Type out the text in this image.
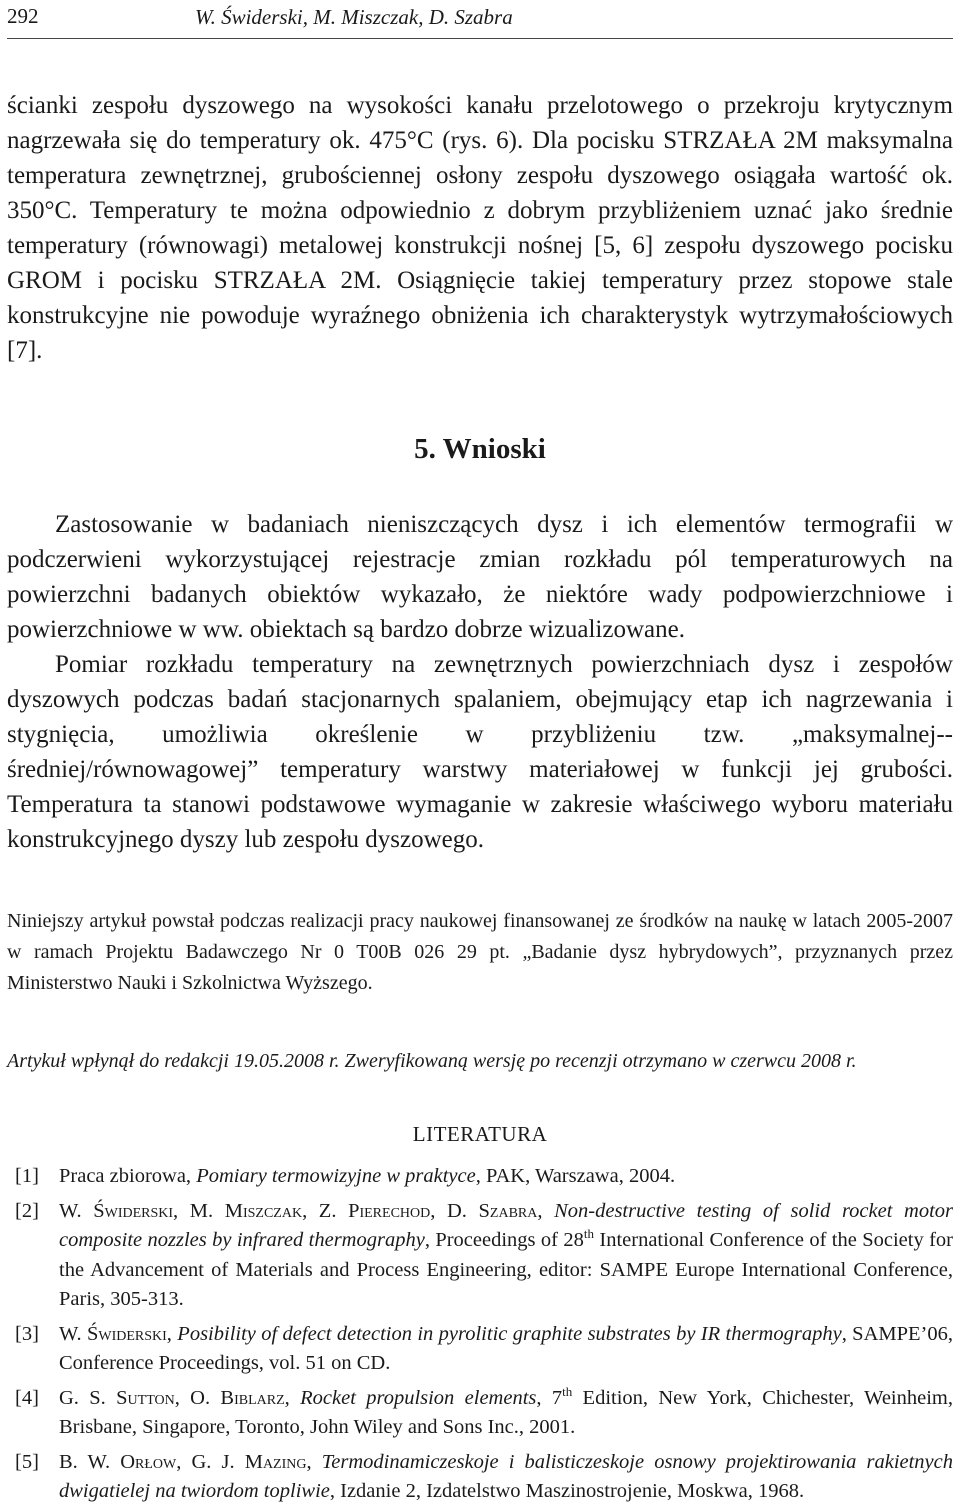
292	W. Świderski, M. Miszczak, D. Szabra

ścianki zespołu dyszowego na wysokości kanału przelotowego o przekroju krytycznym nagrzewała się do temperatury ok. 475°C (rys. 6). Dla pocisku STRZAŁA 2M maksymalna temperatura zewnętrznej, grubościennej osłony zespołu dyszowego osiągała wartość ok. 350°C. Temperatury te można odpowiednio z dobrym przybliżeniem uznać jako średnie temperatury (równowagi) metalowej konstrukcji nośnej [5, 6] zespołu dyszowego pocisku GROM i pocisku STRZAŁA 2M. Osiągnięcie takiej temperatury przez stopowe stale konstrukcyjne nie powoduje wyraźnego obniżenia ich charakterystyk wytrzymałościowych [7].

5. Wnioski

Zastosowanie w badaniach nieniszczących dysz i ich elementów termografii w podczerwieni wykorzystującej rejestracje zmian rozkładu pól temperaturowych na powierzchni badanych obiektów wykazało, że niektóre wady podpowierzchniowe i powierzchniowe w ww. obiektach są bardzo dobrze wizualizowane.

Pomiar rozkładu temperatury na zewnętrznych powierzchniach dysz i zespołów dyszowych podczas badań stacjonarnych spalaniem, obejmujący etap ich nagrzewania i stygnięcia, umożliwia określenie w przybliżeniu tzw. „maksymalnej--średniej/równowagowej” temperatury warstwy materiałowej w funkcji jej grubości. Temperatura ta stanowi podstawowe wymaganie w zakresie właściwego wyboru materiału konstrukcyjnego dyszy lub zespołu dyszowego.

Niniejszy artykuł powstał podczas realizacji pracy naukowej finansowanej ze środków na naukę w latach 2005-2007 w ramach Projektu Badawczego Nr 0 T00B 026 29 pt. „Badanie dysz hybrydowych”, przyznanych przez Ministerstwo Nauki i Szkolnictwa Wyższego.

Artykuł wpłynął do redakcji 19.05.2008 r. Zweryfikowaną wersję po recenzji otrzymano w czerwcu 2008 r.

LITERATURA
[1] Praca zbiorowa, Pomiary termowizyjne w praktyce, PAK, Warszawa, 2004.
[2] W. Świderski, M. Miszczak, Z. Pierechod, D. Szabra, Non-destructive testing of solid rocket motor composite nozzles by infrared thermography, Proceedings of 28th International Conference of the Society for the Advancement of Materials and Process Engineering, editor: SAMPE Europe International Conference, Paris, 305-313.
[3] W. Świderski, Posibility of defect detection in pyrolitic graphite substrates by IR thermography, SAMPE’06, Conference Proceedings, vol. 51 on CD.
[4] G. S. Sutton, O. Biblarz, Rocket propulsion elements, 7th Edition, New York, Chichester, Weinheim, Brisbane, Singapore, Toronto, John Wiley and Sons Inc., 2001.
[5] B. W. Orłow, G. J. Mazing, Termodinamiczeskoje i balisticzeskoje osnowy projektirowania rakietnych dwigatielej na twiordom topliwie, Izdanie 2, Izdatelstwo Maszinostrojenie, Moskwa, 1968.
